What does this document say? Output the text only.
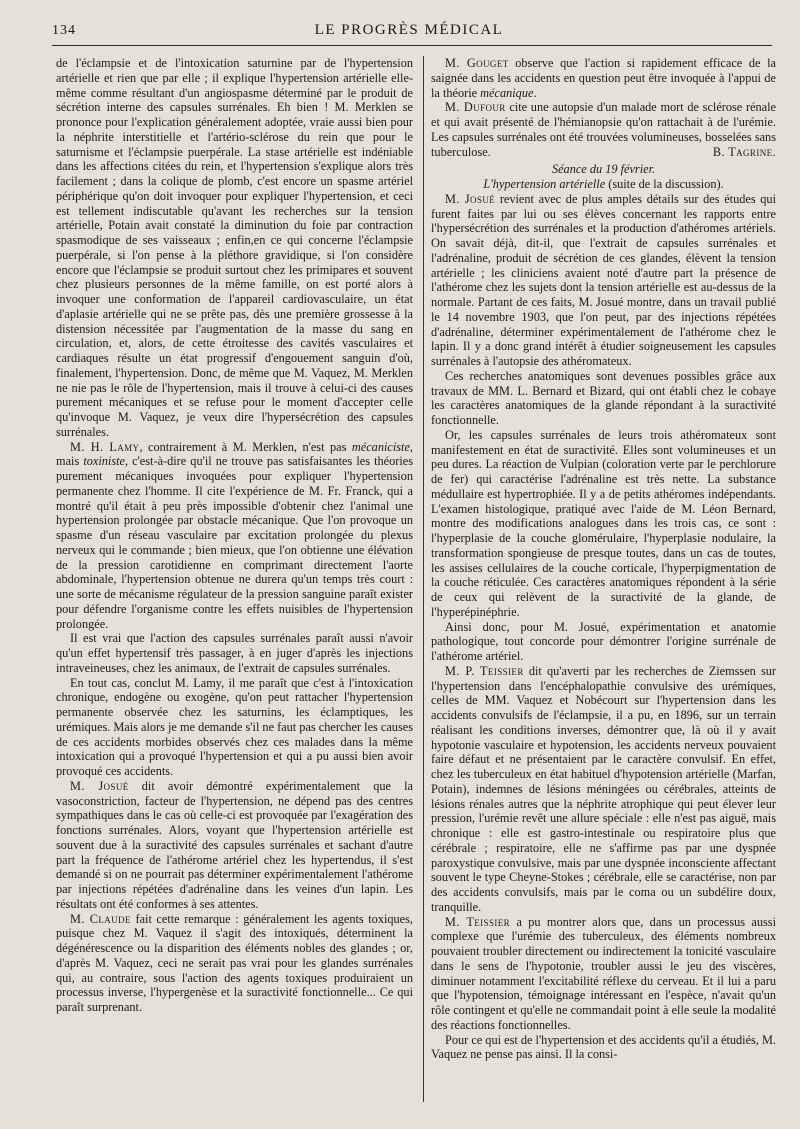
134	LE PROGRÈS MÉDICAL

de l'éclampsie et de l'intoxication saturnine par de l'hypertension artérielle et rien que par elle ; il explique l'hypertension artérielle elle-même comme résultant d'un angiospasme déterminé par le produit de sécrétion interne des capsules surrénales. Eh bien ! M. Merklen se prononce pour l'explication généralement adoptée, vraie aussi bien pour la néphrite interstitielle et l'artério-sclérose du rein que pour le saturnisme et l'éclampsie puerpérale. La stase artérielle est indéniable dans les affections citées du rein, et l'hypertension s'explique alors très facilement ; dans la colique de plomb, c'est encore un spasme artériel périphérique qu'on doit invoquer pour expliquer l'hypertension, et ceci est tellement indiscutable qu'avant les recherches sur la tension artérielle, Potain avait constaté la diminution du foie par contraction spasmodique de ses vaisseaux ; enfin,en ce qui concerne l'éclampsie puerpérale, si l'on pense à la pléthore gravidique, si l'on considère encore que l'éclampsie se produit surtout chez les primipares et souvent chez plusieurs personnes de la même famille, on est porté alors à invoquer une conformation de l'appareil cardiovasculaire, un état d'aplasie artérielle qui ne se prête pas, dès une première grossesse à la distension nécessitée par l'augmentation de la masse du sang en circulation, et, alors, de cette étroitesse des cavités vasculaires et cardiaques résulte un état progressif d'engouement sanguin d'où, finalement, l'hypertension. Donc, de même que M. Vaquez, M. Merklen ne nie pas le rôle de l'hypertension, mais il trouve à celui-ci des causes purement mécaniques et se refuse pour le moment d'accepter celle qu'invoque M. Vaquez, je veux dire l'hypersécrétion des capsules surrénales.

M. H. Lamy, contrairement à M. Merklen, n'est pas mécaniciste, mais toxiniste, c'est-à-dire qu'il ne trouve pas satisfaisantes les théories purement mécaniques invoquées pour expliquer l'hypertension permanente chez l'homme. Il cite l'expérience de M. Fr. Franck, qui a montré qu'il était à peu près impossible d'obtenir chez l'animal une hypertension prolongée par obstacle mécanique. Que l'on provoque un spasme d'un réseau vasculaire par excitation prolongée du plexus nerveux qui le commande ; bien mieux, que l'on obtienne une élévation de la pression carotidienne en comprimant directement l'aorte abdominale, l'hypertension obtenue ne durera qu'un temps très court : une sorte de mécanisme régulateur de la pression sanguine paraît exister pour défendre l'organisme contre les effets nuisibles de l'hypertension prolongée.

Il est vrai que l'action des capsules surrénales paraît aussi n'avoir qu'un effet hypertensif très passager, à en juger d'après les injections intraveineuses, chez les animaux, de l'extrait de capsules surrénales.

En tout cas, conclut M. Lamy, il me paraît que c'est à l'intoxication chronique, endogène ou exogène, qu'on peut rattacher l'hypertension permanente observée chez les saturnins, les éclamptiques, les urémiques. Mais alors je me demande s'il ne faut pas chercher les causes de ces accidents morbides observés chez ces malades dans la même intoxication qui a provoqué l'hypertension et qui a pu aussi bien avoir provoqué ces accidents.

M. Josué dit avoir démontré expérimentalement que la vasoconstriction, facteur de l'hypertension, ne dépend pas des centres sympathiques dans le cas où celle-ci est provoquée par l'exagération des fonctions surrénales. Alors, voyant que l'hypertension artérielle est souvent due à la suractivité des capsules surrénales et sachant d'autre part la fréquence de l'athérome artériel chez les hypertendus, il s'est demandé si on ne pourrait pas déterminer expérimentalement l'athérome par injections répétées d'adrénaline dans les veines d'un lapin. Les résultats ont été conformes à ses attentes.

M. Claude fait cette remarque : généralement les agents toxiques, puisque chez M. Vaquez il s'agit des intoxiqués, déterminent la dégénérescence ou la disparition des éléments nobles des glandes ; or, d'après M. Vaquez, ceci ne serait pas vrai pour les glandes surrénales qui, au contraire, sous l'action des agents toxiques produiraient un processus inverse, l'hypergenèse et la suractivité fonctionnelle... Ce qui paraît surprenant.

M. Gouget observe que l'action si rapidement efficace de la saignée dans les accidents en question peut être invoquée à l'appui de la théorie mécanique.

M. Dufour cite une autopsie d'un malade mort de sclérose rénale et qui avait présenté de l'hémianopsie qu'on rattachait à de l'urémie. Les capsules surrénales ont été trouvées volumineuses, bosselées sans tuberculose.	B. Tagrine.

Séance du 19 février.

L'hypertension artérielle (suite de la discussion).

M. Josué revient avec de plus amples détails sur des études qui furent faites par lui ou ses élèves concernant les rapports entre l'hypersécrétion des surrénales et la production d'athéromes artériels. On savait déjà, dit-il, que l'extrait de capsules surrénales et l'adrénaline, produit de sécrétion de ces glandes, élèvent la tension artérielle ; les cliniciens avaient noté d'autre part la présence de l'athérome chez les sujets dont la tension artérielle est au-dessus de la normale. Partant de ces faits, M. Josué montre, dans un travail publié le 14 novembre 1903, que l'on peut, par des injections répétées d'adrénaline, déterminer expérimentalement de l'athérome chez le lapin. Il y a donc grand intérêt à étudier soigneusement les capsules surrénales à l'autopsie des athéromateux.

Ces recherches anatomiques sont devenues possibles grâce aux travaux de MM. L. Bernard et Bizard, qui ont établi chez le cobaye les caractères anatomiques de la glande répondant à la suractivité fonctionnelle.

Or, les capsules surrénales de leurs trois athéromateux sont manifestement en état de suractivité. Elles sont volumineuses et un peu dures. La réaction de Vulpian (coloration verte par le perchlorure de fer) qui caractérise l'adrénaline est très nette. La substance médullaire est hypertrophiée. Il y a de petits athéromes indépendants. L'examen histologique, pratiqué avec l'aide de M. Léon Bernard, montre des modifications analogues dans les trois cas, ce sont : l'hyperplasie de la couche glomérulaire, l'hyperplasie nodulaire, la transformation spongieuse de presque toutes, dans un cas de toutes, les assises cellulaires de la couche corticale, l'hyperpigmentation de la couche réticulée. Ces caractères anatomiques répondent à la série de ceux qui relèvent de la suractivité de la glande, de l'hyperépinéphrie.

Ainsi donc, pour M. Josué, expérimentation et anatomie pathologique, tout concorde pour démontrer l'origine surrénale de l'athérome artériel.

M. P. Teissier dit qu'averti par les recherches de Ziemssen sur l'hypertension dans l'encéphalopathie convulsive des urémiques, celles de MM. Vaquez et Nobécourt sur l'hypertension dans les accidents convulsifs de l'éclampsie, il a pu, en 1896, sur un terrain réalisant les conditions inverses, démontrer que, là où il y avait hypotonie vasculaire et hypotension, les accidents nerveux pouvaient faire défaut et ne présentaient par le caractère convulsif. En effet, chez les tuberculeux en état habituel d'hypotension artérielle (Marfan, Potain), indemnes de lésions méningées ou cérébrales, atteints de lésions rénales autres que la néphrite atrophique qui peut élever leur pression, l'urémie revêt une allure spéciale : elle n'est pas aiguë, mais chronique : elle est gastro-intestinale ou respiratoire plus que cérébrale ; respiratoire, elle ne s'affirme pas par une dyspnée paroxystique convulsive, mais par une dyspnée inconsciente affectant souvent le type Cheyne-Stokes ; cérébrale, elle se caractérise, non par des accidents convulsifs, mais par le coma ou un subdélire doux, tranquille.

M. Teissier a pu montrer alors que, dans un processus aussi complexe que l'urémie des tuberculeux, des éléments nombreux pouvaient troubler directement ou indirectement la tonicité vasculaire dans le sens de l'hypotonie, troubler aussi le jeu des viscères, diminuer notamment l'excitabilité réflexe du cerveau. Et il lui a paru que l'hypotension, témoignage intéressant en l'espèce, n'avait qu'un rôle contingent et qu'elle ne commandait point à elle seule la modalité des réactions fonctionnelles.

Pour ce qui est de l'hypertension et des accidents qu'il a étudiés, M. Vaquez ne pense pas ainsi. Il la consi-
